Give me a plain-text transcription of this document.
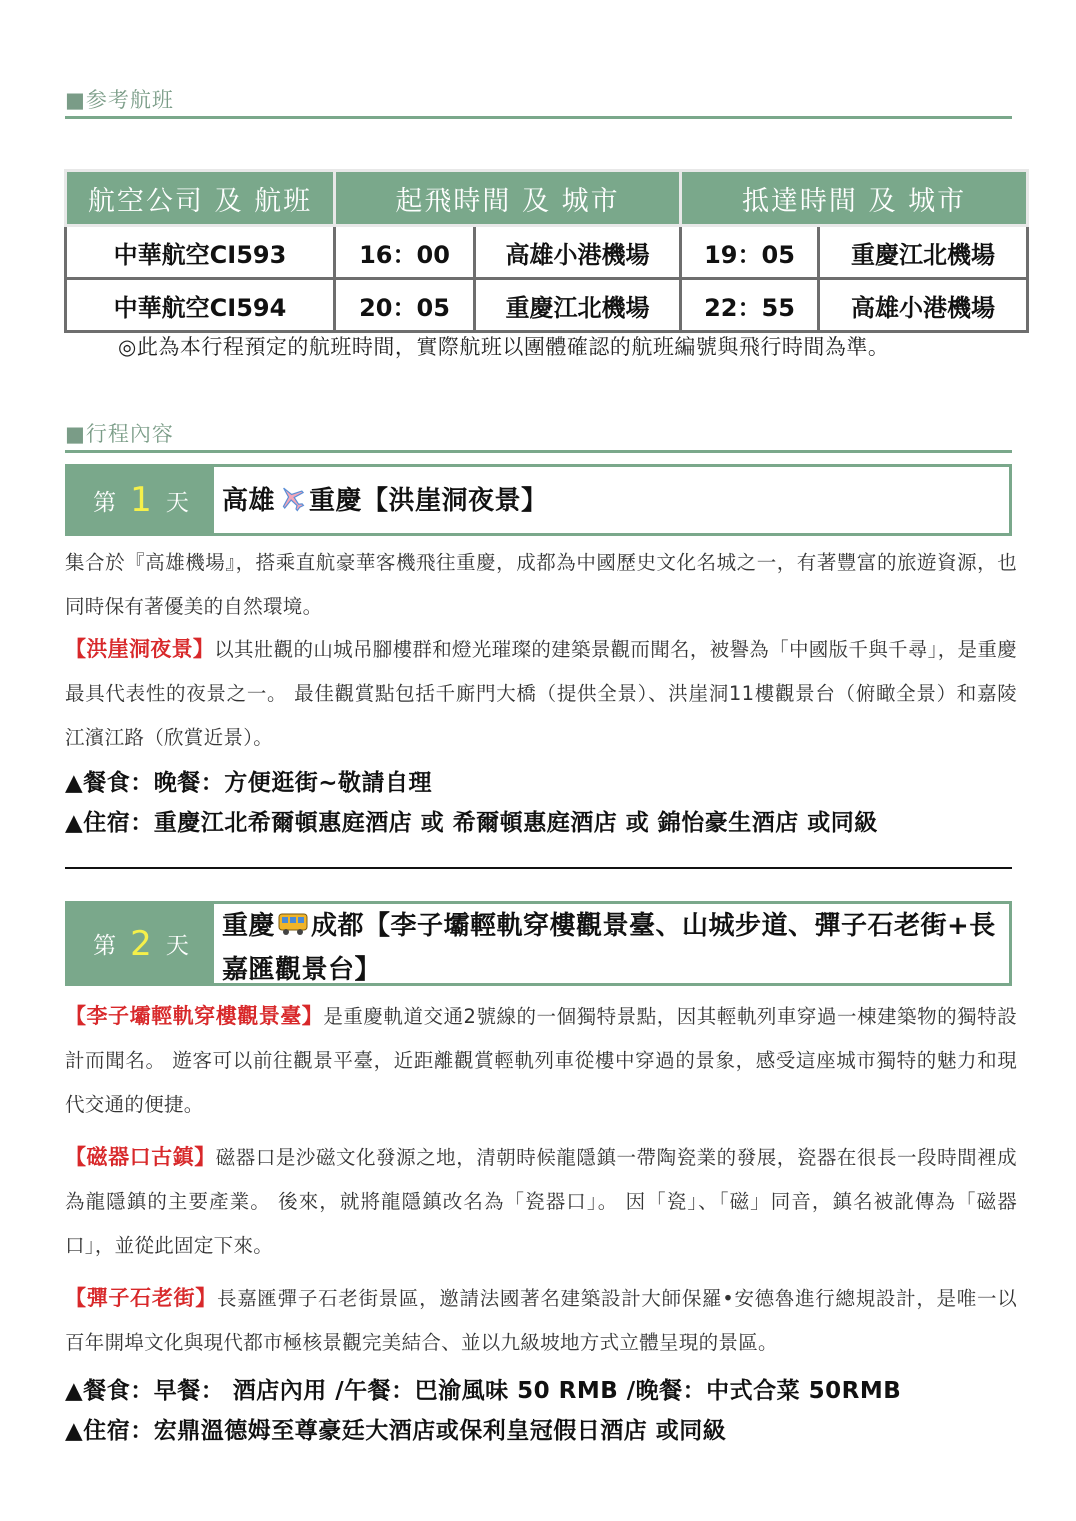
■参考航班
航空公司 及 航班	起飛時間 及 城市		抵達時間 及 城市	
中華航空CI593	16：00	高雄小港機場	19：05	重慶江北機場
中華航空CI594	20：05	重慶江北機場	22：55	高雄小港機場
◎此為本行程預定的航班時間，實際航班以團體確認的航班編號與飛行時間為準。
■行程內容
第 1 天	高雄 重慶【洪崖洞夜景】
集合於『高雄機場』，搭乘直航豪華客機飛往重慶，成都為中國歷史文化名城之一，有著豐富的旅遊資源，也同時保有著優美的自然環境。
【洪崖洞夜景】以其壯觀的山城吊腳樓群和燈光璀璨的建築景觀而聞名，被譽為「中國版千與千尋」，是重慶最具代表性的夜景之一。 最佳觀賞點包括千廝門大橋（提供全景）、洪崖洞11樓觀景台（俯瞰全景）和嘉陵江濱江路（欣賞近景）。
▲餐食：晚餐：方便逛街~敬請自理
▲住宿：重慶江北希爾頓惠庭酒店 或 希爾頓惠庭酒店 或 錦怡豪生酒店 或同級
第 2 天
重慶 成都【李子壩輕軌穿樓觀景臺、山城步道、彈子石老街+長嘉匯觀景台】
【李子壩輕軌穿樓觀景臺】是重慶軌道交通2號線的一個獨特景點，因其輕軌列車穿過一棟建築物的獨特設計而聞名。 遊客可以前往觀景平臺，近距離觀賞輕軌列車從樓中穿過的景象，感受這座城市獨特的魅力和現代交通的便捷。
【磁器口古鎮】磁器口是沙磁文化發源之地，清朝時候龍隱鎮一帶陶瓷業的發展，瓷器在很長一段時間裡成為龍隱鎮的主要產業。 後來，就將龍隱鎮改名為「瓷器口」。 因「瓷」、「磁」同音，鎮名被訛傳為「磁器口」，並從此固定下來。
【彈子石老街】長嘉匯彈子石老街景區，邀請法國著名建築設計大師保羅•安德魯進行總規設計，是唯一以百年開埠文化與現代都市極核景觀完美結合、並以九級坡地方式立體呈現的景區。
▲餐食：早餐： 酒店內用 /午餐：巴渝風味 50 RMB /晚餐：中式合菜 50RMB
▲住宿：宏鼎溫德姆至尊豪廷大酒店或保利皇冠假日酒店 或同級
